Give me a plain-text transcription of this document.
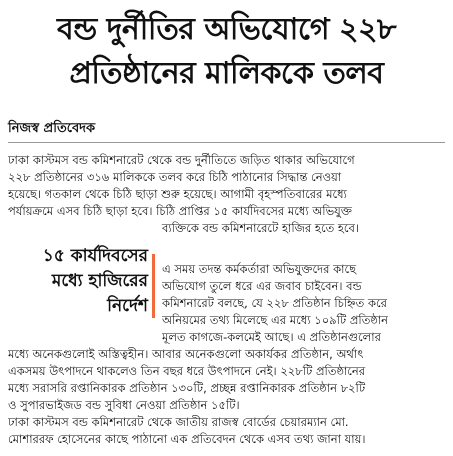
বন্ড দুর্নীতির অভিযোগে ২২৮
প্রতিষ্ঠানের মালিককে তলব
নিজস্ব প্রতিবেদক
ঢাকা কাস্টমস বন্ড কমিশনারেট থেকে বন্ড দুর্নীতিতে জড়িত থাকার অভিযোগে
২২৮ প্রতিষ্ঠানের ৩১৬ মালিককে তলব করে চিঠি পাঠানোর সিদ্ধান্ত নেওয়া
হয়েছে। গতকাল থেকে চিঠি ছাড়া শুরু হয়েছে। আগামী বৃহস্পতিবারের মধ্যে
পর্যায়ক্রমে এসব চিঠি ছাড়া হবে। চিঠি প্রাপ্তির ১৫ কার্যদিবসের মধ্যে অভিযুক্ত
ব্যক্তিকে বন্ড কমিশনারেটে হাজির হতে হবে।
১৫ কার্যদিবসের
মধ্যে হাজিরের
নির্দেশ
এ সময় তদন্ত কর্মকর্তারা অভিযুক্তদের কাছে
অভিযোগ তুলে ধরে এর জবাব চাইবেন। বন্ড
কমিশনারেট বলছে, যে ২২৮ প্রতিষ্ঠান চিহ্নিত করে
অনিয়মের তথ্য মিলেছে এর মধ্যে ১০৯টি প্রতিষ্ঠান
মূলত কাগজে-কলমেই আছে। এ প্রতিষ্ঠানগুলোর
মধ্যে অনেকগুলোই অস্তিত্বহীন। আবার অনেকগুলো অকার্যকর প্রতিষ্ঠান, অর্থাৎ
একসময় উৎপাদনে থাকলেও তিন বছর ধরে উৎপাদনে নেই। ২২৮টি প্রতিষ্ঠানের
মধ্যে সরাসরি রপ্তানিকারক প্রতিষ্ঠান ১৩০টি, প্রচ্ছন্ন রপ্তানিকারক প্রতিষ্ঠান ৮২টি
ও সুপারভাইজড বন্ড সুবিধা নেওয়া প্রতিষ্ঠান ১৫টি।
ঢাকা কাস্টমস বন্ড কমিশনারেট থেকে জাতীয় রাজস্ব বোর্ডের চেয়ারম্যান মো.
মোশাররফ হোসেনের কাছে পাঠানো এক প্রতিবেদন থেকে এসব তথ্য জানা যায়।
